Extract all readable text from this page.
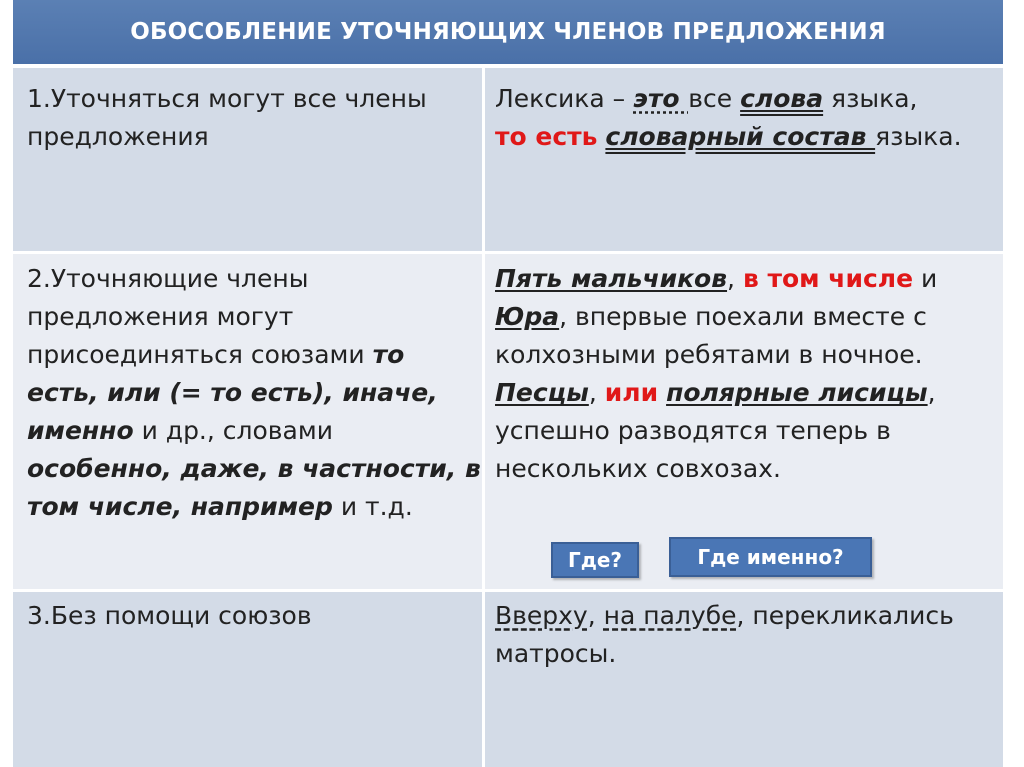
ОБОСОБЛЕНИЕ УТОЧНЯЮЩИХ ЧЛЕНОВ ПРЕДЛОЖЕНИЯ
1.Уточняться могут все члены предложения
Лексика – это все слова языка,
то есть словарный состав языка.
2.Уточняющие члены предложения могут присоединяться союзами то есть, или (= то есть), иначе, именно и др., словами особенно, даже, в частности, в том числе, например и т.д.
Пять мальчиков, в том числе и Юра, впервые поехали вместе с колхозными ребятами в ночное.
Песцы, или полярные лисицы, успешно разводятся теперь в нескольких совхозах.
Где?	Где именно?
3.Без помощи союзов	Вверху, на палубе, перекликались матросы.
